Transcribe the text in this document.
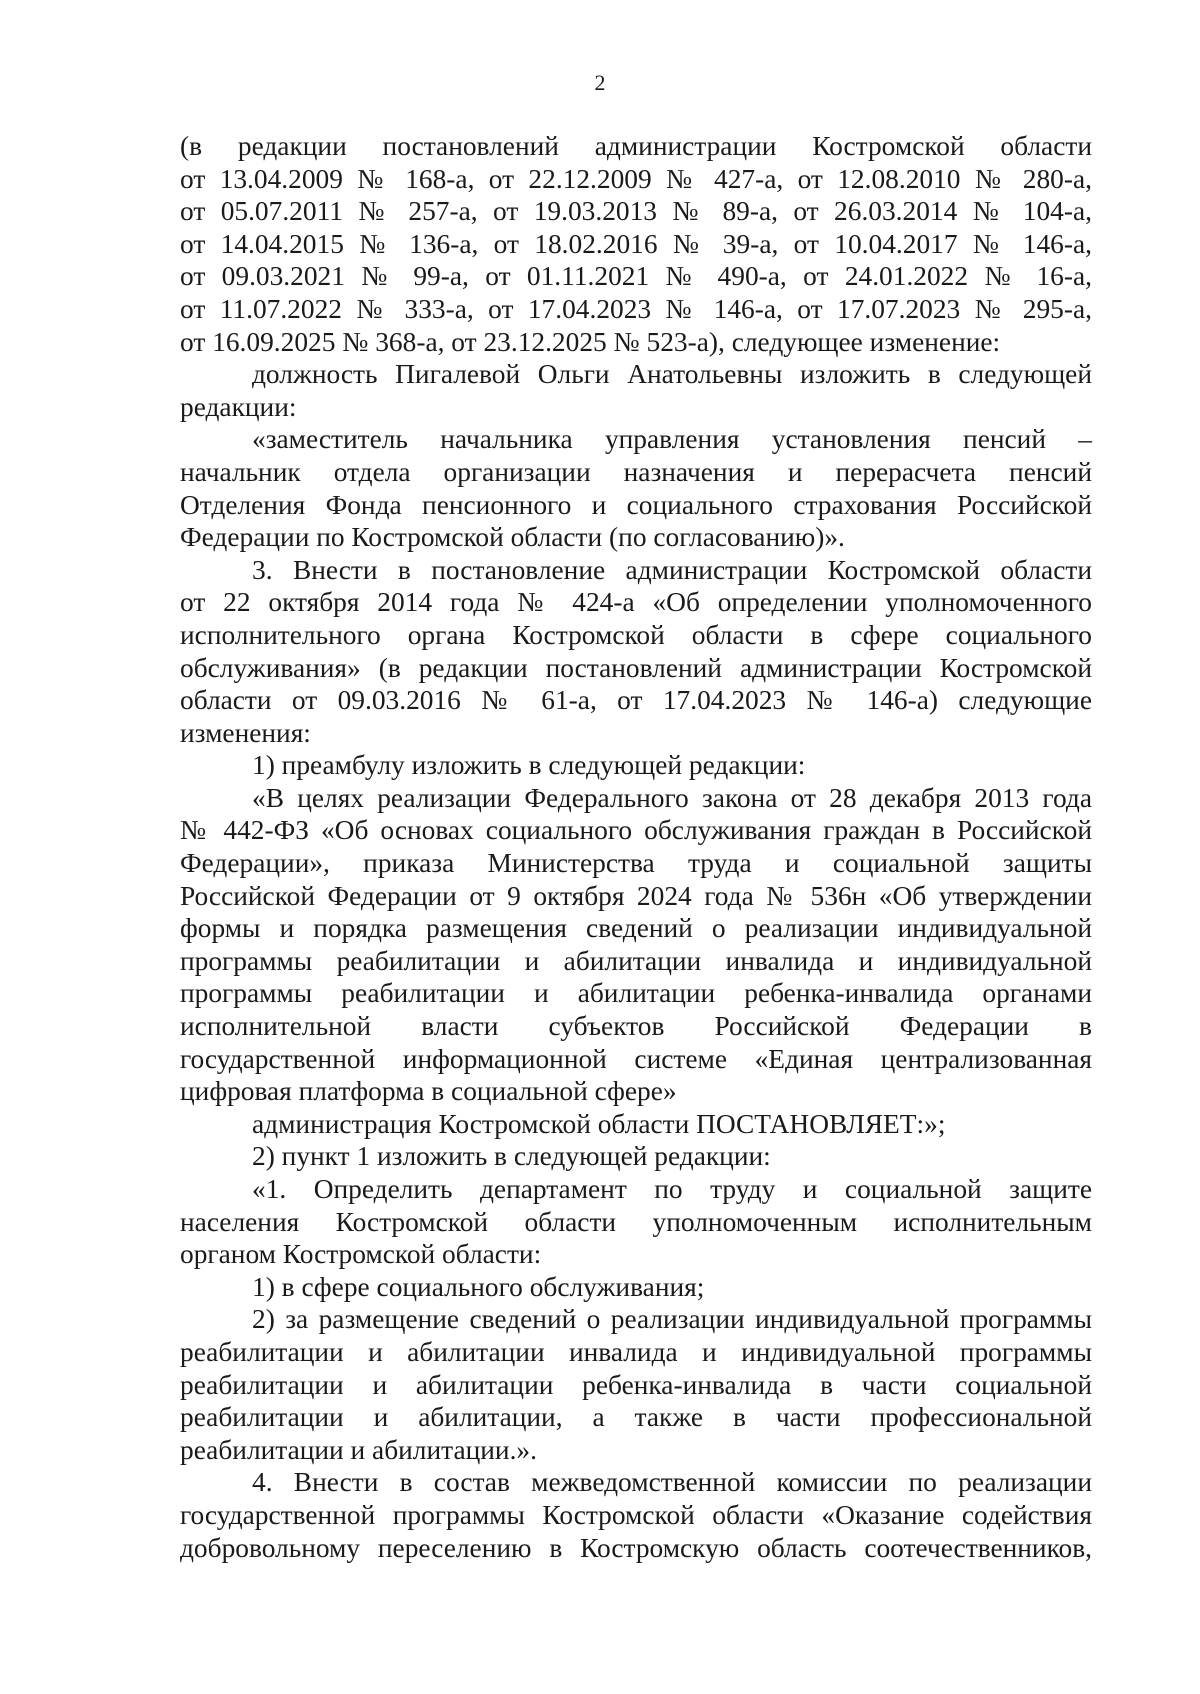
2
(в редакции постановлений администрации Костромской области
от 13.04.2009 № 168-а, от 22.12.2009 № 427-а, от 12.08.2010 № 280-а,
от 05.07.2011 № 257-а, от 19.03.2013 № 89-а, от 26.03.2014 № 104-а,
от 14.04.2015 № 136-а, от 18.02.2016 № 39-а, от 10.04.2017 № 146-а,
от 09.03.2021 № 99-а, от 01.11.2021 № 490-а, от 24.01.2022 № 16-а,
от 11.07.2022 № 333-а, от 17.04.2023 № 146-а, от 17.07.2023 № 295-а,
от 16.09.2025 № 368-а, от 23.12.2025 № 523-а), следующее изменение:
должность Пигалевой Ольги Анатольевны изложить в следующей
редакции:
«заместитель начальника управления установления пенсий –
начальник отдела организации назначения и перерасчета пенсий
Отделения Фонда пенсионного и социального страхования Российской
Федерации по Костромской области (по согласованию)».
3. Внести в постановление администрации Костромской области
от 22 октября 2014 года № 424-а «Об определении уполномоченного
исполнительного органа Костромской области в сфере социального
обслуживания» (в редакции постановлений администрации Костромской
области от 09.03.2016 № 61-а, от 17.04.2023 № 146-а) следующие
изменения:
1) преамбулу изложить в следующей редакции:
«В целях реализации Федерального закона от 28 декабря 2013 года
№ 442-ФЗ «Об основах социального обслуживания граждан в Российской
Федерации», приказа Министерства труда и социальной защиты
Российской Федерации от 9 октября 2024 года № 536н «Об утверждении
формы и порядка размещения сведений о реализации индивидуальной
программы реабилитации и абилитации инвалида и индивидуальной
программы реабилитации и абилитации ребенка-инвалида органами
исполнительной власти субъектов Российской Федерации в
государственной информационной системе «Единая централизованная
цифровая платформа в социальной сфере»
администрация Костромской области ПОСТАНОВЛЯЕТ:»;
2) пункт 1 изложить в следующей редакции:
«1. Определить департамент по труду и социальной защите
населения Костромской области уполномоченным исполнительным
органом Костромской области:
1) в сфере социального обслуживания;
2) за размещение сведений о реализации индивидуальной программы
реабилитации и абилитации инвалида и индивидуальной программы
реабилитации и абилитации ребенка-инвалида в части социальной
реабилитации и абилитации, а также в части профессиональной
реабилитации и абилитации.».
4. Внести в состав межведомственной комиссии по реализации
государственной программы Костромской области «Оказание содействия
добровольному переселению в Костромскую область соотечественников,
